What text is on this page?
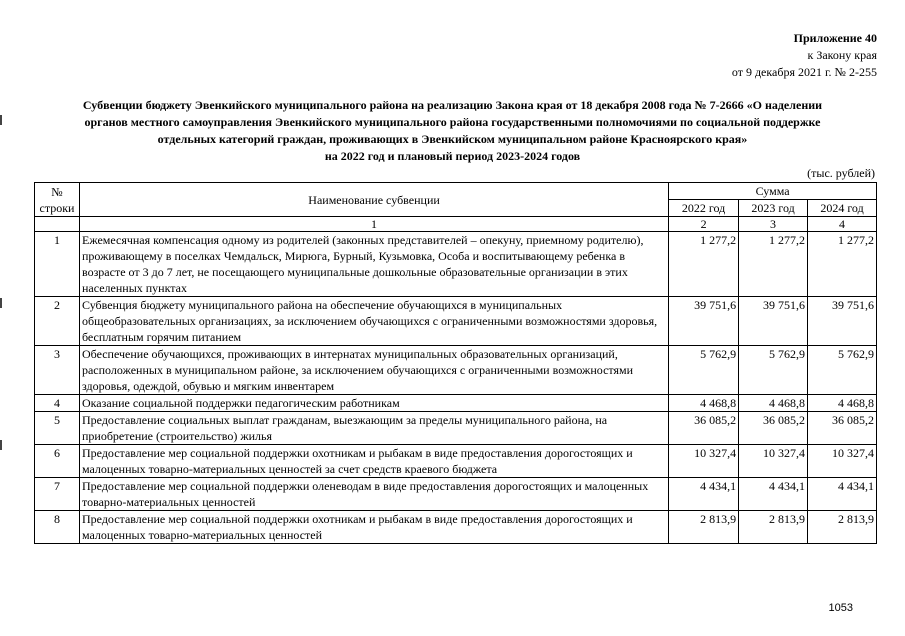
Приложение 40
к Закону края
от 9 декабря 2021 г. № 2-255
Субвенции бюджету Эвенкийского муниципального района на реализацию Закона края от 18 декабря 2008 года № 7-2666 «О наделении
органов местного самоуправления Эвенкийского муниципального района государственными полномочиями по социальной поддержке
отдельных категорий граждан, проживающих в Эвенкийском муниципальном районе Красноярского края»
на 2022 год и плановый период 2023-2024 годов
(тыс. рублей)
№
строки	Наименование субвенции	Сумма		
		2022 год	2023 год	2024 год
	1	2	3	4
1	Ежемесячная компенсация одному из родителей (законных представителей – опекуну, приемному родителю), проживающему в поселках Чемдальск, Мирюга, Бурный, Кузьмовка, Особа и воспитывающему ребенка в возрасте от 3 до 7 лет, не посещающего муниципальные дошкольные образовательные организации в этих населенных пунктах	1 277,2	1 277,2	1 277,2
2	Субвенция бюджету муниципального района на обеспечение обучающихся в муниципальных общеобразовательных организациях, за исключением обучающихся с ограниченными возможностями здоровья, бесплатным горячим питанием	39 751,6	39 751,6	39 751,6
3	Обеспечение обучающихся, проживающих в интернатах муниципальных образовательных организаций, расположенных в муниципальном районе, за исключением обучающихся с ограниченными возможностями здоровья, одеждой, обувью и мягким инвентарем	5 762,9	5 762,9	5 762,9
4	Оказание социальной поддержки педагогическим работникам	4 468,8	4 468,8	4 468,8
5	Предоставление социальных выплат гражданам, выезжающим за пределы муниципального района, на приобретение (строительство) жилья	36 085,2	36 085,2	36 085,2
6	Предоставление мер социальной поддержки охотникам и рыбакам в виде предоставления дорогостоящих и малоценных товарно-материальных ценностей за счет средств краевого бюджета	10 327,4	10 327,4	10 327,4
7	Предоставление мер социальной поддержки оленеводам в виде предоставления дорогостоящих и малоценных товарно-материальных ценностей	4 434,1	4 434,1	4 434,1
8	Предоставление мер социальной поддержки охотникам и рыбакам в виде предоставления дорогостоящих и малоценных товарно-материальных ценностей	2 813,9	2 813,9	2 813,9
1053
